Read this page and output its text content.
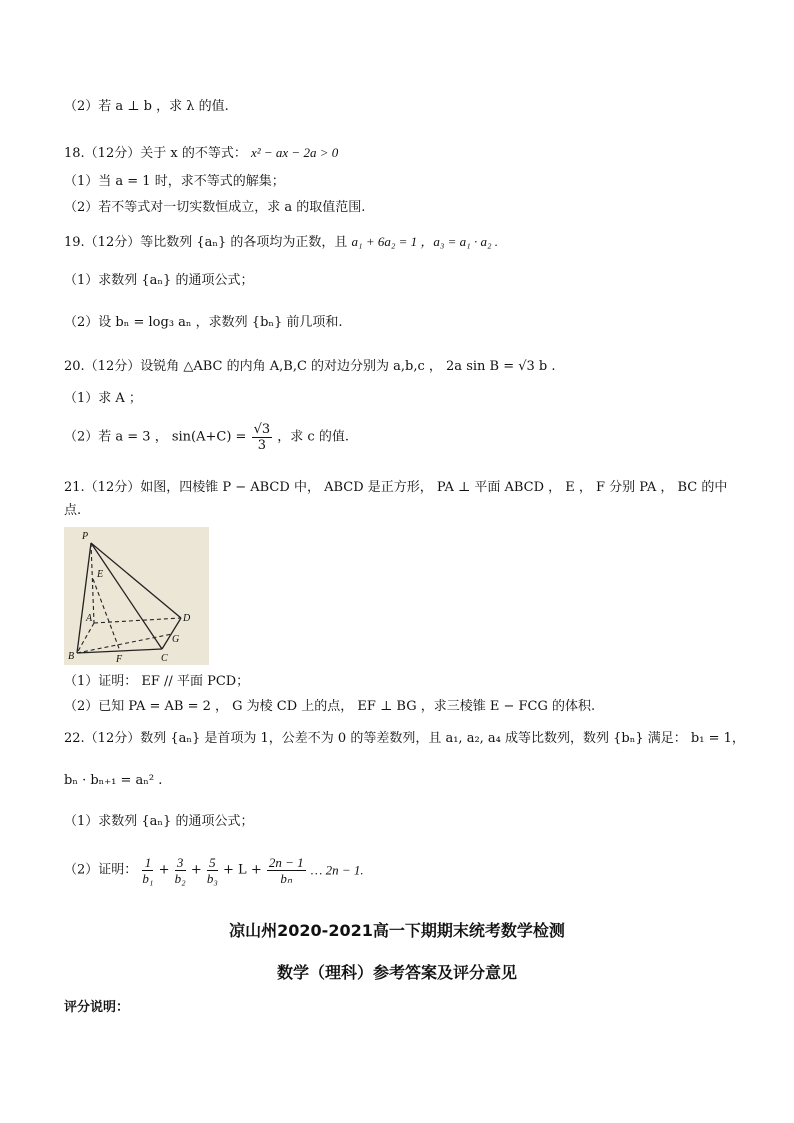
（2）若 a ⊥ b ，求 λ 的值.
18.（12分）关于 x 的不等式： x² − ax − 2a > 0
（1）当 a = 1 时，求不等式的解集；
（2）若不等式对一切实数恒成立，求 a 的取值范围.
19.（12分）等比数列 {aₙ} 的各项均为正数，且 a₁ + 6a₂ = 1 ，a₃ = a₁ · a₂ .
（1）求数列 {aₙ} 的通项公式；
（2）设 bₙ = log₃ aₙ ，求数列 {bₙ} 前几项和.
20.（12分）设锐角 △ABC 的内角 A,B,C 的对边分别为 a,b,c ， 2a sin B = √3 b .
（1）求 A ；
（2）若 a = 3 ， $\sin(A+C) = \frac{√3}{3}$ ，求 c 的值.
21.（12分）如图，四棱锥 P − ABCD 中， ABCD 是正方形， PA ⊥ 平面 ABCD ， E ， F 分别 PA ， BC 的中
点.
P
E
A	D
G
B	F	C
（1）证明： EF // 平面 PCD；
（2）已知 PA = AB = 2 ， G 为棱 CD 上的点， EF ⊥ BG ，求三棱锥 E − FCG 的体积.
22.（12分）数列 {aₙ} 是首项为 1，公差不为 0 的等差数列，且 a₁, a₂, a₄ 成等比数列，数列 {bₙ} 满足： b₁ = 1，
bₙ · bₙ₊₁ = aₙ² .
（1）求数列 {aₙ} 的通项公式；
（2）证明： $\frac{1}{\text{b₁}} + \frac{3}{\text{b₂}} + \frac{5}{\text{b₃}} + L + \frac{2n - 1}{\text{bₙ}}$ … 2n − 1.
凉山州2020-2021高一下期期末统考数学检测
数学（理科）参考答案及评分意见
评分说明：
